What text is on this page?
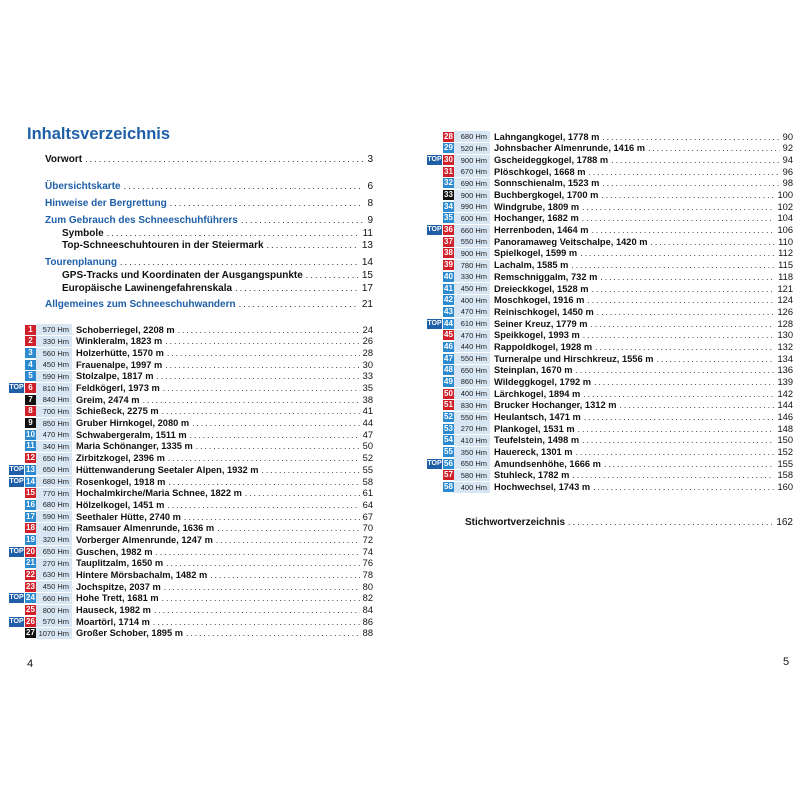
Inhaltsverzeichnis
Vorwort .....	3
Übersichtskarte .....	6
Hinweise der Bergrettung .....	8
Zum Gebrauch des Schneeschuhführers .....	9
Symbole .....	11
Top-Schneeschuhtouren in der Steiermark .....	13
Tourenplanung .....	14
GPS-Tracks und Koordinaten der Ausgangspunkte .....	15
Europäische Lawinengefahrenskala .....	17
Allgemeines zum Schneeschuhwandern .....	21
1	570 Hm Schoberriegel, 2208 m .....	24
2	330 Hm Winkleralm, 1823 m .....	26
3	560 Hm Holzerhütte, 1570 m .....	28
4	450 Hm Frauenalpe, 1997 m .....	30
5	590 Hm Stolzalpe, 1817 m .....	33
TOP 6	810 Hm Feldkögerl, 1973 m .....	35
7	840 Hm Greim, 2474 m .....	38
8	700 Hm Schießeck, 2275 m .....	41
9	850 Hm Gruber Hirnkogel, 2080 m .....	44
10	470 Hm Schwabergeralm, 1511 m .....	47
11	340 Hm Maria Schönanger, 1335 m .....	50
12	650 Hm Zirbitzkogel, 2396 m .....	52
TOP 13	650 Hm Hüttenwanderung Seetaler Alpen, 1932 m .....	55
TOP 14	680 Hm Rosenkogel, 1918 m .....	58
15	770 Hm Hochalmkirche/Maria Schnee, 1822 m .....	61
16	680 Hm Hölzelkogel, 1451 m .....	64
17	590 Hm Seethaler Hütte, 2740 m .....	67
18	400 Hm Ramsauer Almenrunde, 1636 m .....	70
19	320 Hm Vorberger Almenrunde, 1247 m .....	72
TOP 20	650 Hm Guschen, 1982 m .....	74
21	270 Hm Tauplitzalm, 1650 m .....	76
22	630 Hm Hintere Mörsbachalm, 1482 m .....	78
23	450 Hm Jochspitze, 2037 m .....	80
TOP 24	660 Hm Hohe Trett, 1681 m .....	82
25	800 Hm Hauseck, 1982 m .....	84
TOP 26	570 Hm Moartörl, 1714 m .....	86
27 1070 Hm Großer Schober, 1895 m .....	88
28	680 Hm Lahngangkogel, 1778 m .....	90
29	520 Hm Johnsbacher Almenrunde, 1416 m .....	92
TOP 30	900 Hm Gscheideggkogel, 1788 m .....	94
31	670 Hm Plöschkogel, 1668 m .....	96
32	690 Hm Sonnschienalm, 1523 m .....	98
33	900 Hm Buchbergkogel, 1700 m .....	100
34	990 Hm Windgrube, 1809 m .....	102
35	600 Hm Hochanger, 1682 m .....	104
TOP 36	660 Hm Herrenboden, 1464 m .....	106
37	550 Hm Panoramaweg Veitschalpe, 1420 m .....	110
38	900 Hm Spielkogel, 1599 m .....	112
39	780 Hm Lachalm, 1585 m .....	115
40	330 Hm Remschniggalm, 732 m .....	118
41	450 Hm Dreieckkogel, 1528 m .....	121
42	400 Hm Moschkogel, 1916 m .....	124
43	470 Hm Reinischkogel, 1450 m .....	126
TOP 44	610 Hm Seiner Kreuz, 1779 m .....	128
45	470 Hm Speikkogel, 1993 m .....	130
46	440 Hm Rappoldkogel, 1928 m .....	132
47	550 Hm Turneralpe und Hirschkreuz, 1556 m .....	134
48	650 Hm Steinplan, 1670 m .....	136
49	860 Hm Wildeggkogel, 1792 m .....	139
50	400 Hm Lärchkogel, 1894 m .....	142
51	830 Hm Brucker Hochanger, 1312 m .....	144
52	550 Hm Heulantsch, 1471 m .....	146
53	270 Hm Plankogel, 1531 m .....	148
54	410 Hm Teufelstein, 1498 m .....	150
55	350 Hm Hauereck, 1301 m .....	152
TOP 56	650 Hm Amundsenhöhe, 1666 m .....	155
57	580 Hm Stuhleck, 1782 m .....	158
58	400 Hm Hochwechsel, 1743 m .....	160
Stichwortverzeichnis .....	162
4	5
